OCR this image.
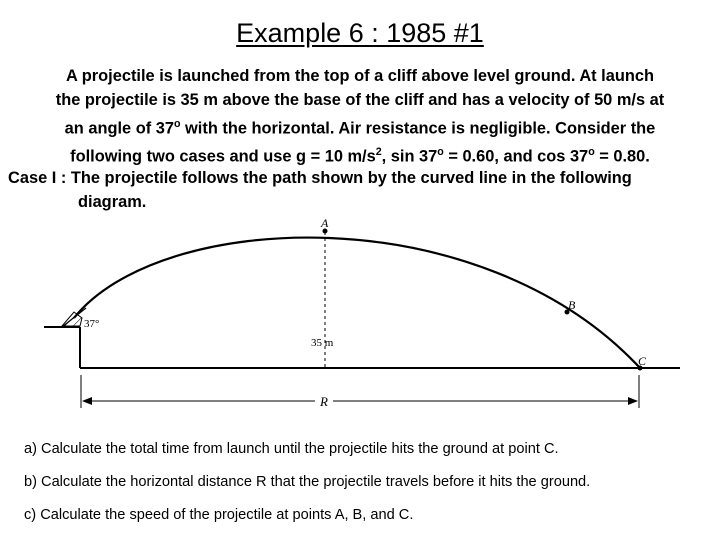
Example 6 : 1985 #1
A projectile is launched from the top of a cliff above level ground. At launch
the projectile is 35 m above the base of the cliff and has a velocity of 50 m/s at
an angle of 37$^o$ with the horizontal. Air resistance is negligible. Consider the
following two cases and use g = 10 $m/s^2$, $\sin 37^o = 0.60$, and $\cos 37^o = 0.80$.
Case I : The projectile follows the path shown by the curved line in the following
diagram.
37°
35 m
A
B
C
R
a) Calculate the total time from launch until the projectile hits the ground at point C.
b) Calculate the horizontal distance R that the projectile travels before it hits the ground.
c) Calculate the speed of the projectile at points A, B, and C.
